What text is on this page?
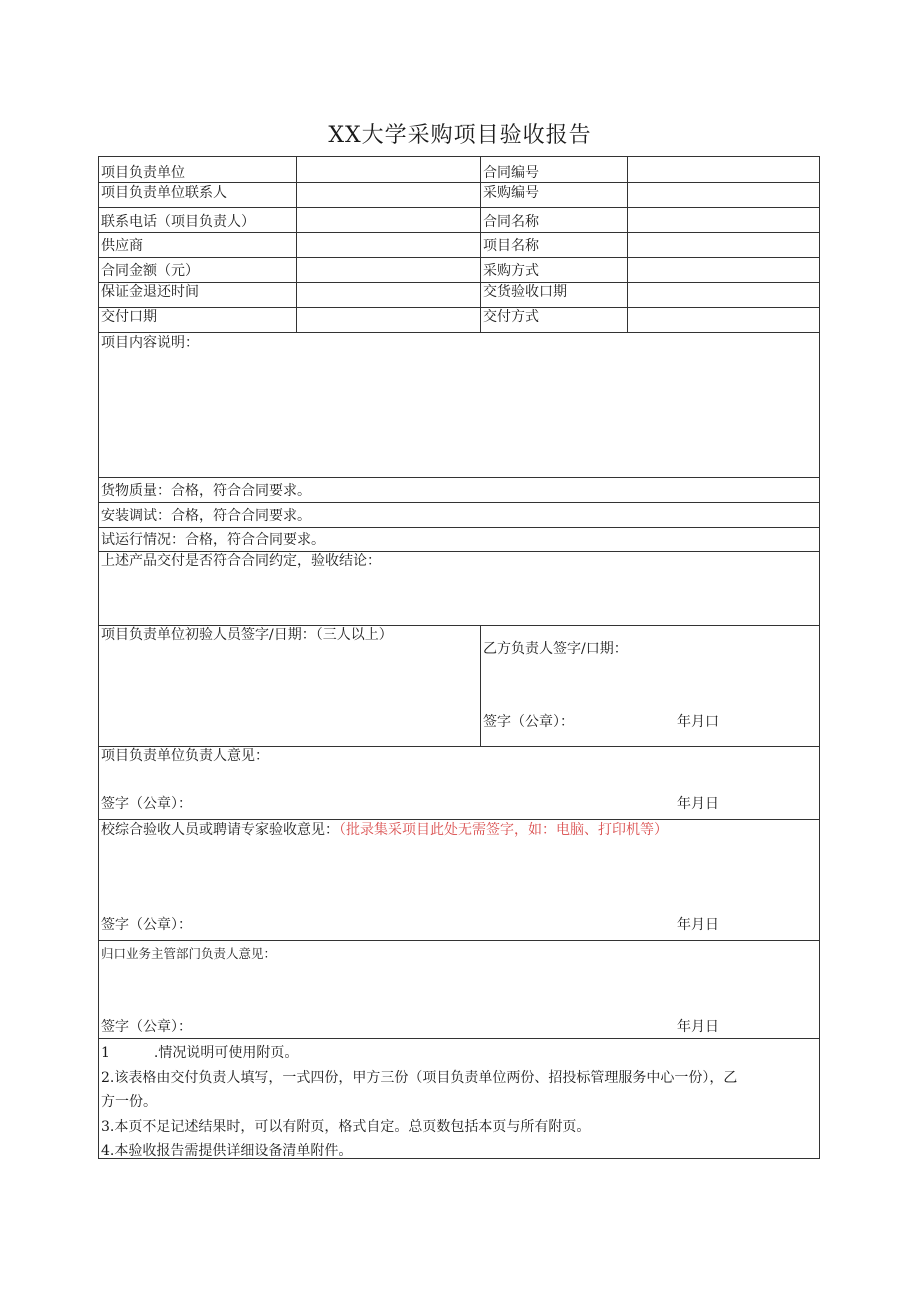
XX大学采购项目验收报告
项目负责单位	合同编号
项目负责单位联系人	采购编号
联系电话（项目负责人）	合同名称
供应商	项目名称
合同金额（元）	采购方式
保证金退还时间	交货验收口期
交付口期	交付方式
项目内容说明：
货物质量：合格，符合合同要求。
安装调试：合格，符合合同要求。
试运行情况：合格，符合合同要求。
上述产品交付是否符合合同约定，验收结论：
项目负责单位初验人员签字/日期：（三人以上）
乙方负责人签字/口期：
签字（公章）：	年月口
项目负责单位负责人意见：
签字（公章）：	年月日
校综合验收人员或聘请专家验收意见：（批录集采项目此处无需签字，如：电脑、打印机等）
签字（公章）：	年月日
归口业务主管部门负责人意见：
签字（公章）：	年月日
1	.情况说明可使用附页。
2.该表格由交付负责人填写，一式四份，甲方三份（项目负责单位两份、招投标管理服务中心一份），乙
方一份。
3.本页不足记述结果时，可以有附页，格式自定。总页数包括本页与所有附页。
4.本验收报告需提供详细设备清单附件。
